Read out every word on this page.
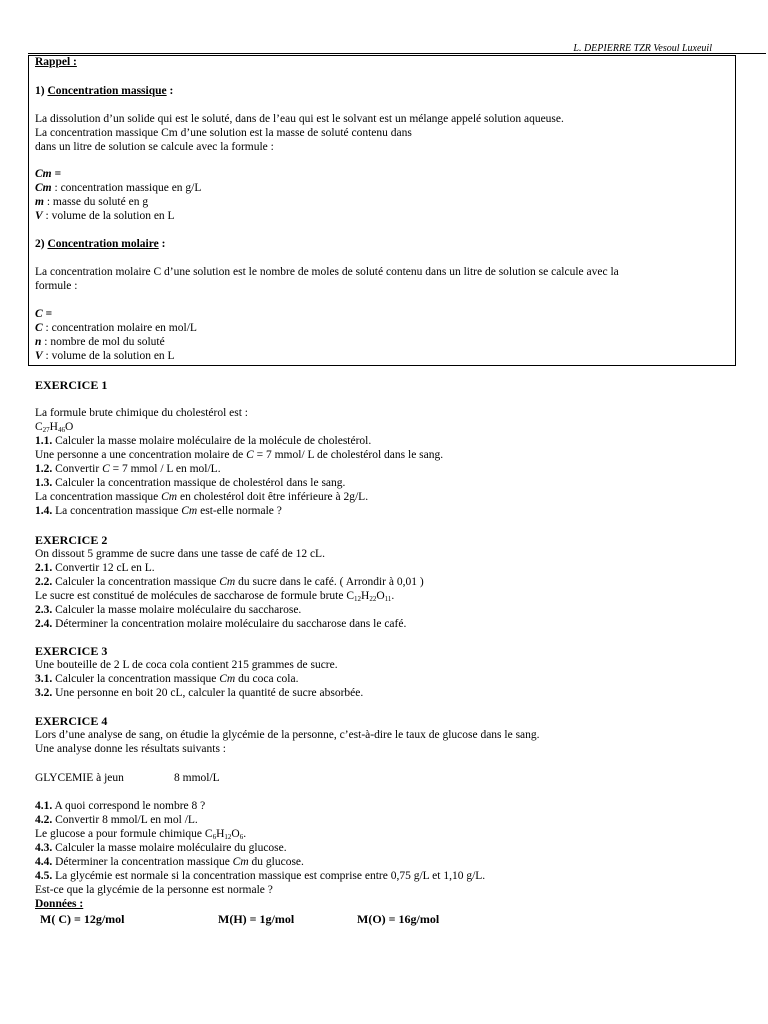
L. DEPIERRE TZR Vesoul Luxeuil
Rappel :
1) Concentration massique :
La dissolution d’un solide qui est le soluté, dans de l’eau qui est le solvant est un mélange appelé solution aqueuse.
La concentration massique Cm d’une solution est la masse de soluté contenu dans
dans un litre de solution se calcule avec la formule :
Cm =
Cm : concentration massique en g/L
m : masse du soluté en g
V : volume de la solution en L
2) Concentration molaire :
La concentration molaire C d’une solution est le nombre de moles de soluté contenu dans un litre de solution se calcule avec la
formule :
C =
C : concentration molaire en mol/L
n : nombre de mol du soluté
V : volume de la solution en L
EXERCICE 1
La formule brute chimique du cholestérol est :
$C_{27}H_{46}O$
1.1. Calculer la masse molaire moléculaire de la molécule de cholestérol.
Une personne a une concentration molaire de C = 7 mmol/ L de cholestérol dans le sang.
1.2. Convertir C = 7 mmol / L en mol/L.
1.3. Calculer la concentration massique de cholestérol dans le sang.
La concentration massique Cm en cholestérol doit être inférieure à 2g/L.
1.4. La concentration massique Cm est-elle normale ?
EXERCICE 2
On dissout 5 gramme de sucre dans une tasse de café de 12 cL.
2.1. Convertir 12 cL en L.
2.2. Calculer la concentration massique Cm du sucre dans le café. ( Arrondir à 0,01 )
Le sucre est constitué de molécules de saccharose de formule brute $C_{12}H_{22}O_{11}$.
2.3. Calculer la masse molaire moléculaire du saccharose.
2.4. Déterminer la concentration molaire moléculaire du saccharose dans le café.
EXERCICE 3
Une bouteille de 2 L de coca cola contient 215 grammes de sucre.
3.1. Calculer la concentration massique Cm du coca cola.
3.2. Une personne en boit 20 cL, calculer la quantité de sucre absorbée.
EXERCICE 4
Lors d’une analyse de sang, on étudie la glycémie de la personne, c’est-à-dire le taux de glucose dans le sang.
Une analyse donne les résultats suivants :
GLYCEMIE à jeun	8 mmol/L
4.1. A quoi correspond le nombre 8 ?
4.2. Convertir 8 mmol/L en mol /L.
Le glucose a pour formule chimique $C_6H_{12}O_6$.
4.3. Calculer la masse molaire moléculaire du glucose.
4.4. Déterminer la concentration massique Cm du glucose.
4.5. La glycémie est normale si la concentration massique est comprise entre 0,75 g/L et 1,10 g/L.
Est-ce que la glycémie de la personne est normale ?
Données :
M( C) = 12g/mol	M(H) = 1g/mol	M(O) = 16g/mol
